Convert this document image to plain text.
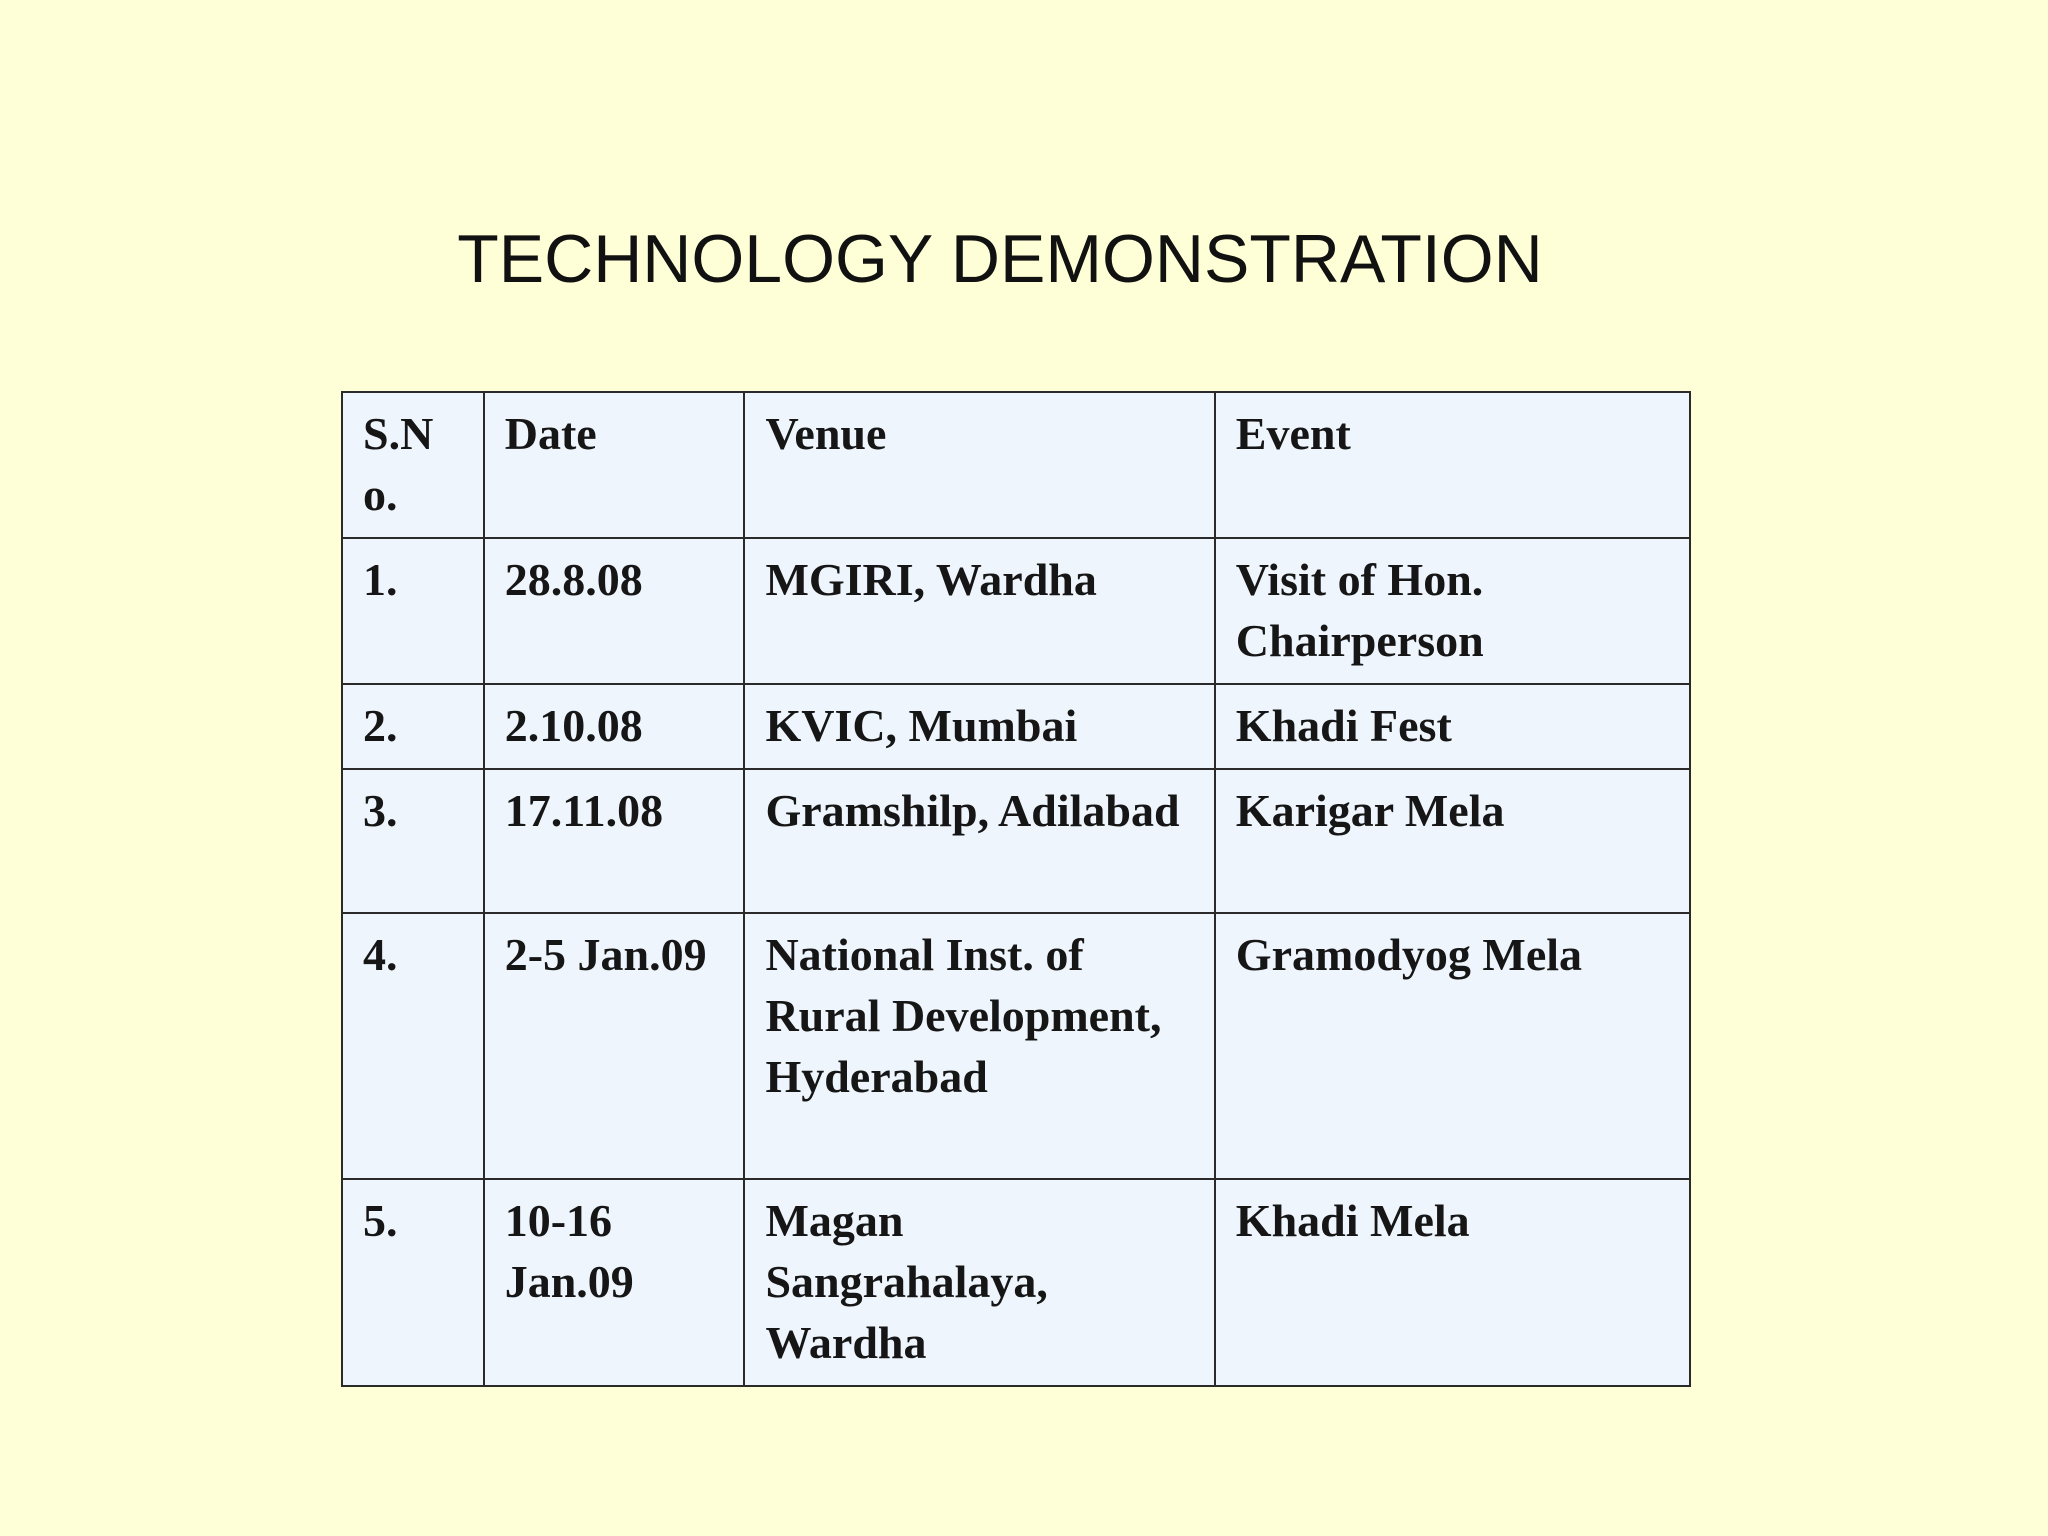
TECHNOLOGY DEMONSTRATION
S.No.	Date	Venue	Event
1.	28.8.08	MGIRI, Wardha	Visit of Hon. Chairperson
2.	2.10.08	KVIC, Mumbai	Khadi Fest
3.	17.11.08	Gramshilp, Adilabad	Karigar Mela
4.	2-5 Jan.09	National Inst. of Rural Development, Hyderabad	Gramodyog Mela
5.	10-16 Jan.09	Magan Sangrahalaya, Wardha	Khadi Mela
